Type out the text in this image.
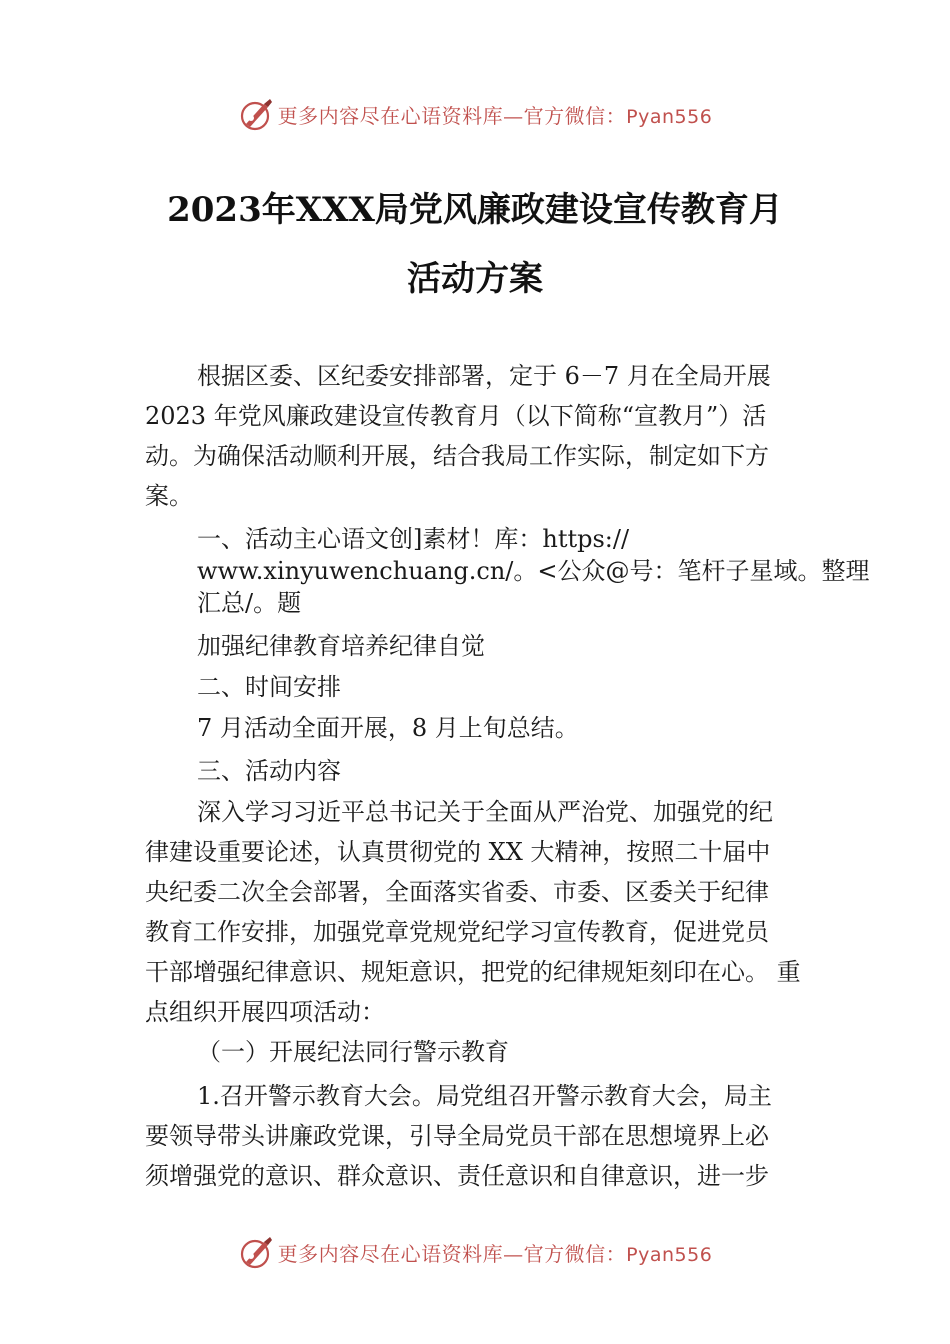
更多内容尽在心语资料库—官方微信：Pyan556
2023年XXX局党风廉政建设宣传教育月
活动方案
根据区委、区纪委安排部署，定于 6－7 月在全局开展
2023 年党风廉政建设宣传教育月（以下简称“宣教月”）活
动。为确保活动顺利开展，结合我局工作实际，制定如下方
案。
一、活动主心语文创]素材！库：https://
www.xinyuwenchuang.cn/。<公众@号：笔杆子星域。整理
汇总/。题
加强纪律教育培养纪律自觉
二、时间安排
7 月活动全面开展，8 月上旬总结。
三、活动内容
深入学习习近平总书记关于全面从严治党、加强党的纪
律建设重要论述，认真贯彻党的 XX 大精神，按照二十届中
央纪委二次全会部署，全面落实省委、市委、区委关于纪律
教育工作安排，加强党章党规党纪学习宣传教育，促进党员
干部增强纪律意识、规矩意识，把党的纪律规矩刻印在心。 重
点组织开展四项活动：
（一）开展纪法同行警示教育
1.召开警示教育大会。局党组召开警示教育大会，局主
要领导带头讲廉政党课，引导全局党员干部在思想境界上必
须增强党的意识、群众意识、责任意识和自律意识，进一步
更多内容尽在心语资料库—官方微信：Pyan556
